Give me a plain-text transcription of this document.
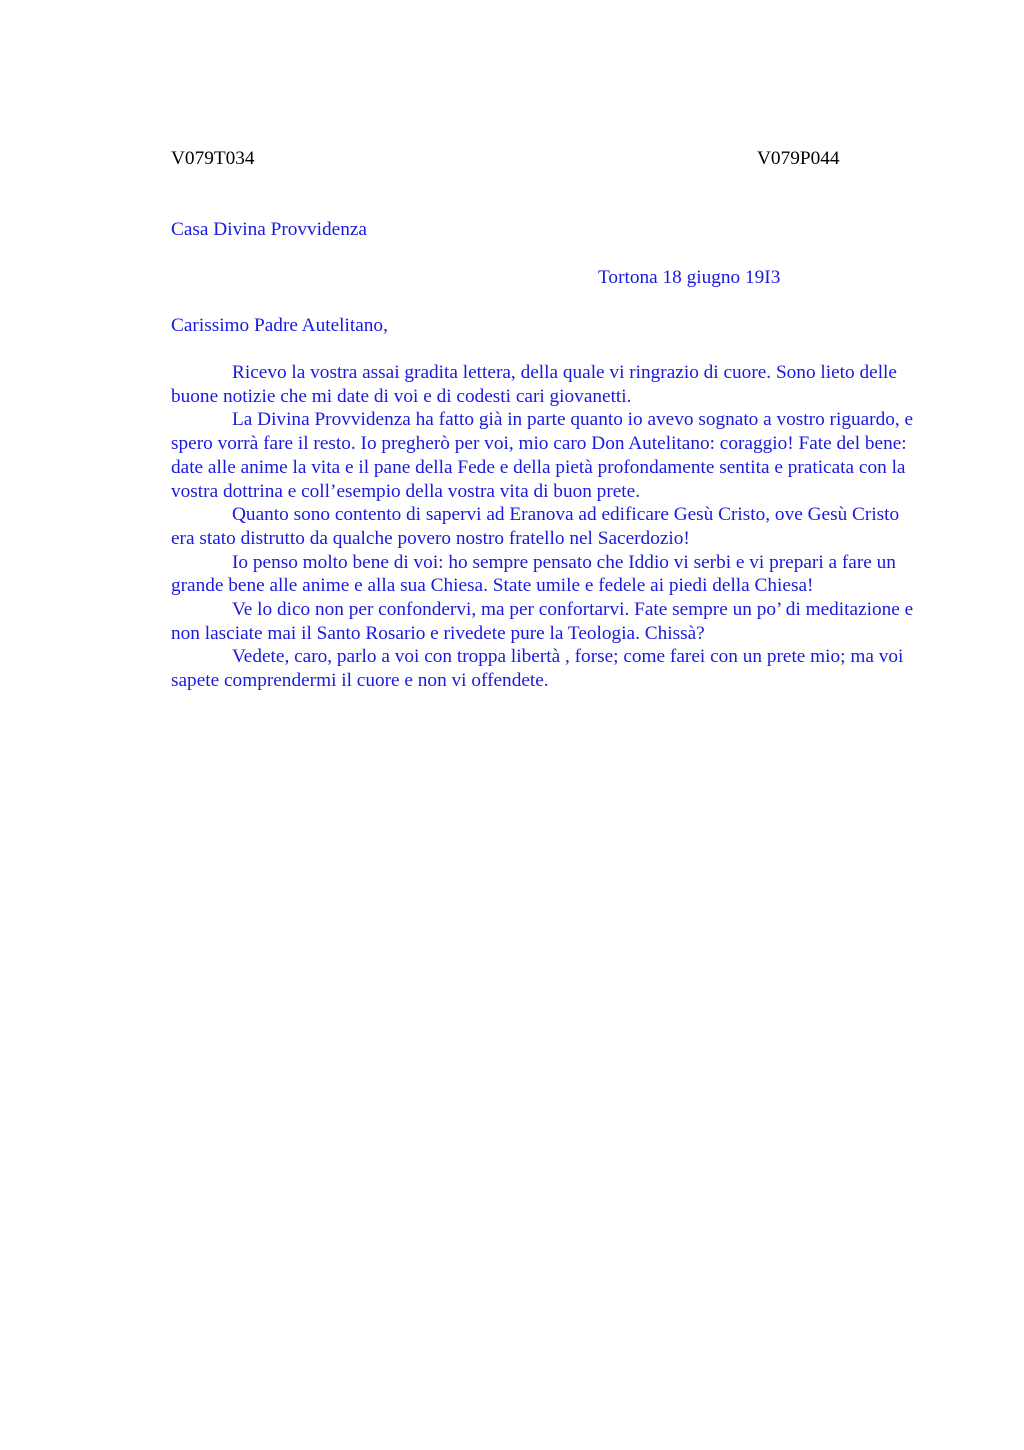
V079T034	V079P044

Casa Divina Provvidenza

Tortona 18 giugno 19I3

Carissimo Padre Autelitano,

Ricevo la vostra assai gradita lettera, della quale vi ringrazio di cuore. Sono lieto delle buone notizie che mi date di voi e di codesti cari giovanetti.

La Divina Provvidenza ha fatto già in parte quanto io avevo sognato a vostro riguardo, e spero vorrà fare il resto. Io pregherò per voi, mio caro Don Autelitano: coraggio! Fate del bene: date alle anime la vita e il pane della Fede e della pietà profondamente sentita e praticata con la vostra dottrina e coll’esempio della vostra vita di buon prete.

Quanto sono contento di sapervi ad Eranova ad edificare Gesù Cristo, ove Gesù Cristo era stato distrutto da qualche povero nostro fratello nel Sacerdozio!

Io penso molto bene di voi: ho sempre pensato che Iddio vi serbi e vi prepari a fare un grande bene alle anime e alla sua Chiesa. State umile e fedele ai piedi della Chiesa!

Ve lo dico non per confondervi, ma per confortarvi. Fate sempre un po’ di meditazione e non lasciate mai il Santo Rosario e rivedete pure la Teologia. Chissà?

Vedete, caro, parlo a voi con troppa libertà , forse; come farei con un prete mio; ma voi sapete comprendermi il cuore e non vi offendete.
